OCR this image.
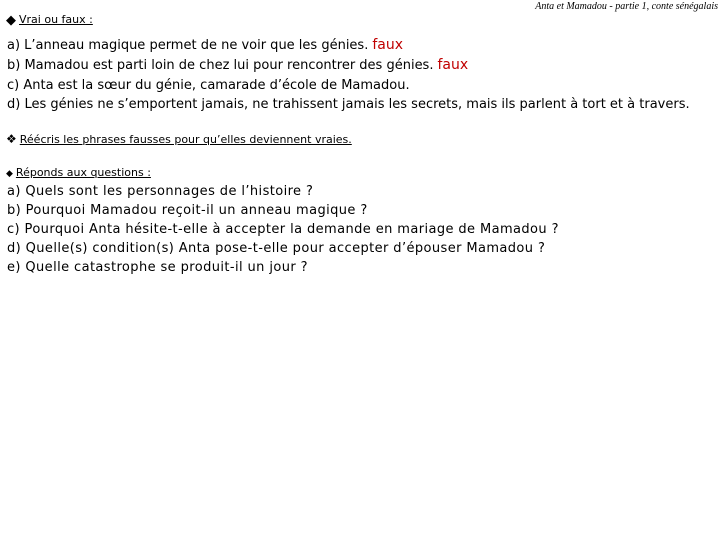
Anta et Mamadou - partie 1, conte sénégalais
◆ Vrai ou faux :
a) L’anneau magique permet de ne voir que les génies. faux
b) Mamadou est parti loin de chez lui pour rencontrer des génies. faux
c) Anta est la sœur du génie, camarade d’école de Mamadou.
d) Les génies ne s’emportent jamais, ne trahissent jamais les secrets, mais ils parlent à tort et à travers.
❖ Réécris les phrases fausses pour qu’elles deviennent vraies.
◆ Réponds aux questions :
a) Quels sont les personnages de l’histoire ?
b) Pourquoi Mamadou reçoit-il un anneau magique ?
c) Pourquoi Anta hésite-t-elle à accepter la demande en mariage de Mamadou ?
d) Quelle(s) condition(s) Anta pose-t-elle pour accepter d’épouser Mamadou ?
e) Quelle catastrophe se produit-il un jour ?
